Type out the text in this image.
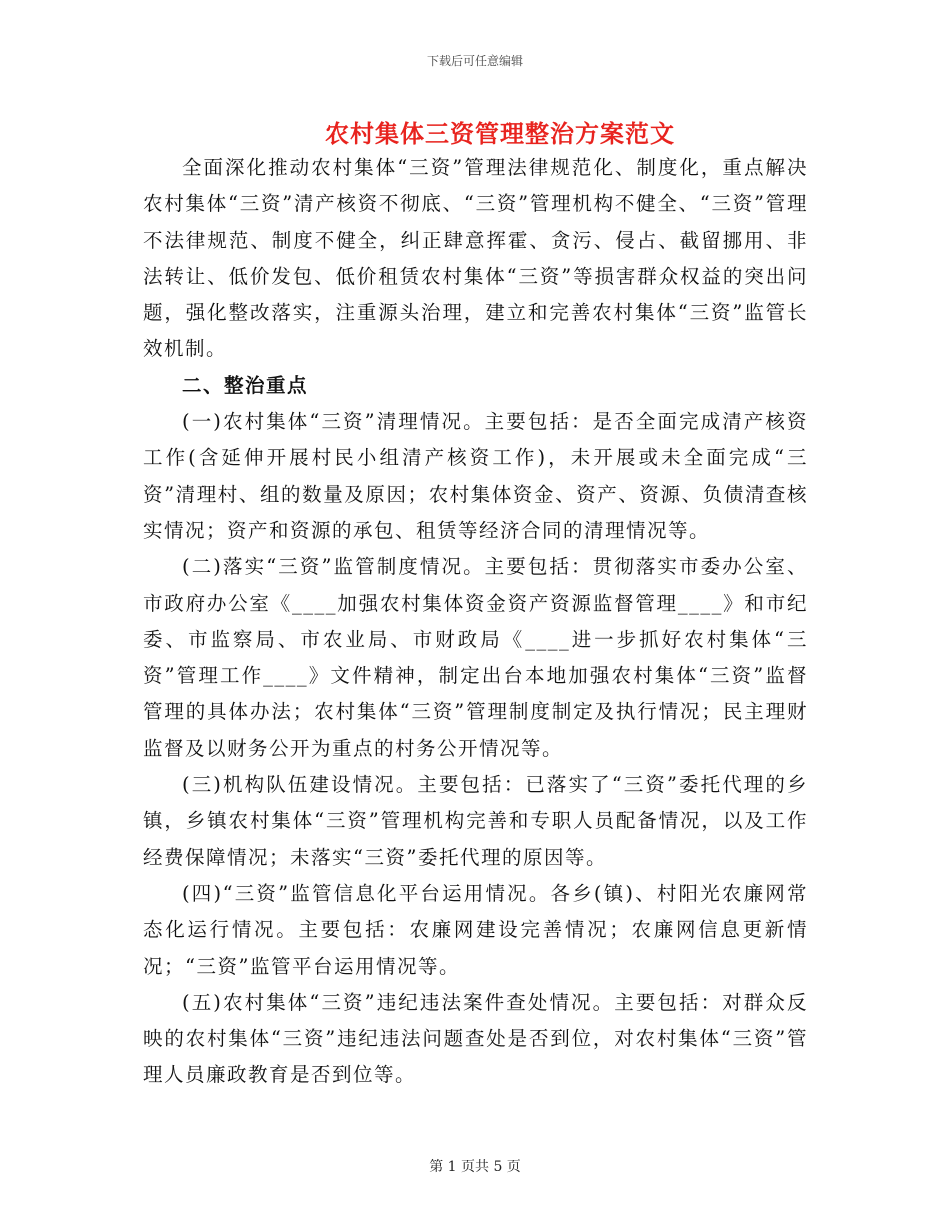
下载后可任意编辑
农村集体三资管理整治方案范文

全面深化推动农村集体“三资”管理法律规范化、制度化，重点解决农村集体“三资”清产核资不彻底、“三资”管理机构不健全、“三资”管理不法律规范、制度不健全，纠正肆意挥霍、贪污、侵占、截留挪用、非法转让、低价发包、低价租赁农村集体“三资”等损害群众权益的突出问题，强化整改落实，注重源头治理，建立和完善农村集体“三资”监管长效机制。

二、整治重点

(一)农村集体“三资”清理情况。主要包括：是否全面完成清产核资工作(含延伸开展村民小组清产核资工作)，未开展或未全面完成“三资”清理村、组的数量及原因；农村集体资金、资产、资源、负债清查核实情况；资产和资源的承包、租赁等经济合同的清理情况等。

(二)落实“三资”监管制度情况。主要包括：贯彻落实市委办公室、市政府办公室《____加强农村集体资金资产资源监督管理____》和市纪委、市监察局、市农业局、市财政局《____进一步抓好农村集体“三资”管理工作____》文件精神，制定出台本地加强农村集体“三资”监督管理的具体办法；农村集体“三资”管理制度制定及执行情况；民主理财监督及以财务公开为重点的村务公开情况等。

(三)机构队伍建设情况。主要包括：已落实了“三资”委托代理的乡镇，乡镇农村集体“三资”管理机构完善和专职人员配备情况，以及工作经费保障情况；未落实“三资”委托代理的原因等。

(四)“三资”监管信息化平台运用情况。各乡(镇)、村阳光农廉网常态化运行情况。主要包括：农廉网建设完善情况；农廉网信息更新情况；“三资”监管平台运用情况等。

(五)农村集体“三资”违纪违法案件查处情况。主要包括：对群众反映的农村集体“三资”违纪违法问题查处是否到位，对农村集体“三资”管理人员廉政教育是否到位等。

第 1 页共 5 页
